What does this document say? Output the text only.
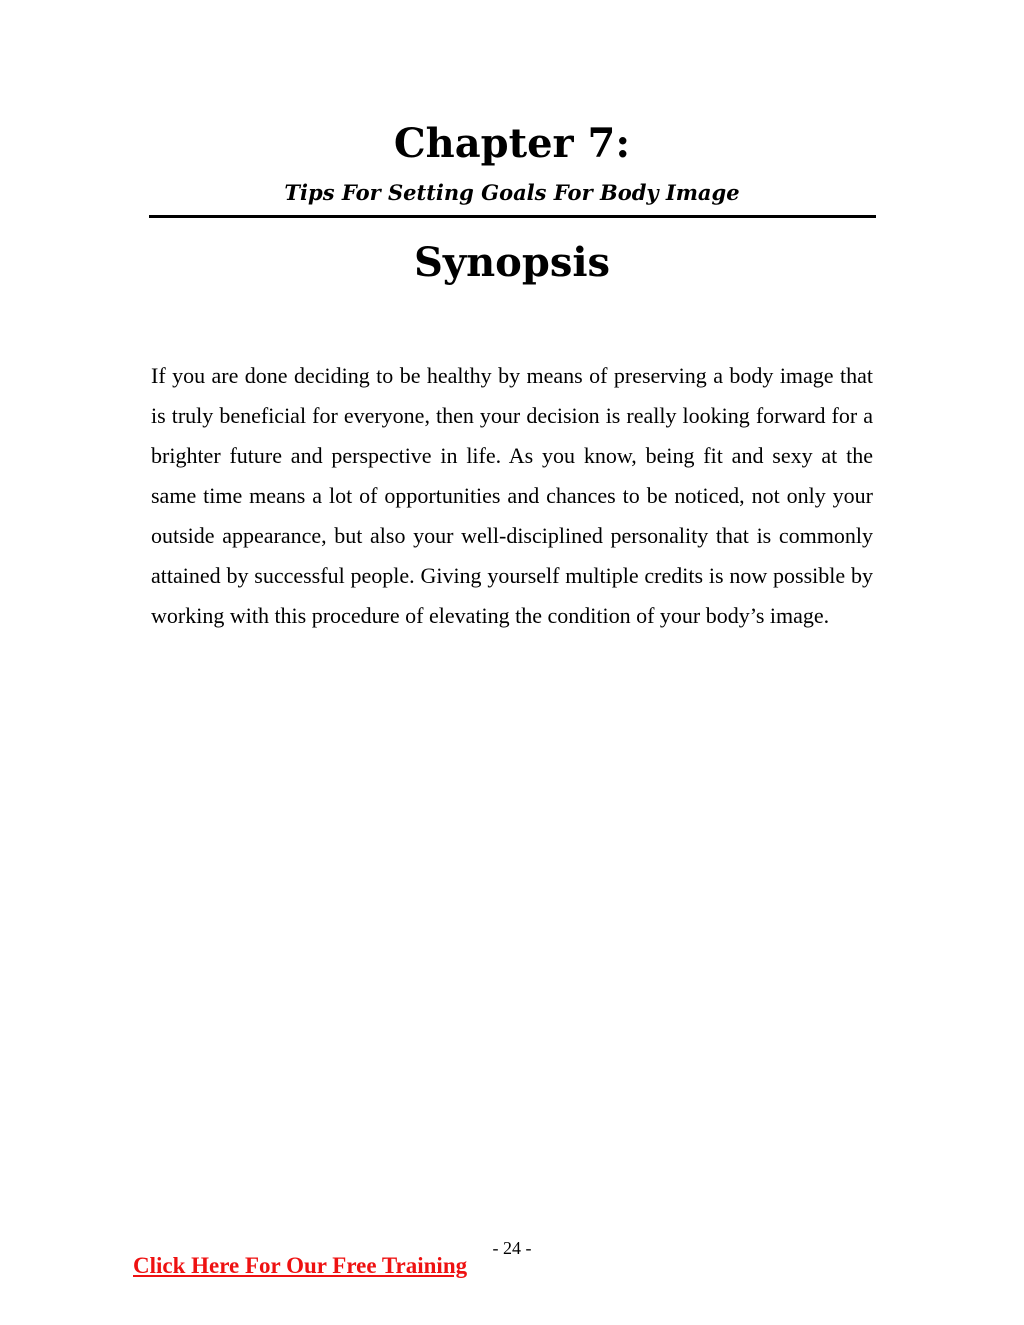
Chapter 7:
Tips For Setting Goals For Body Image
Synopsis

If you are done deciding to be healthy by means of preserving a body image that is truly beneficial for everyone, then your decision is really looking forward for a brighter future and perspective in life. As you know, being fit and sexy at the same time means a lot of opportunities and chances to be noticed, not only your outside appearance, but also your well-disciplined personality that is commonly attained by successful people. Giving yourself multiple credits is now possible by working with this procedure of elevating the condition of your body’s image.

- 24 -
Click Here For Our Free Training
